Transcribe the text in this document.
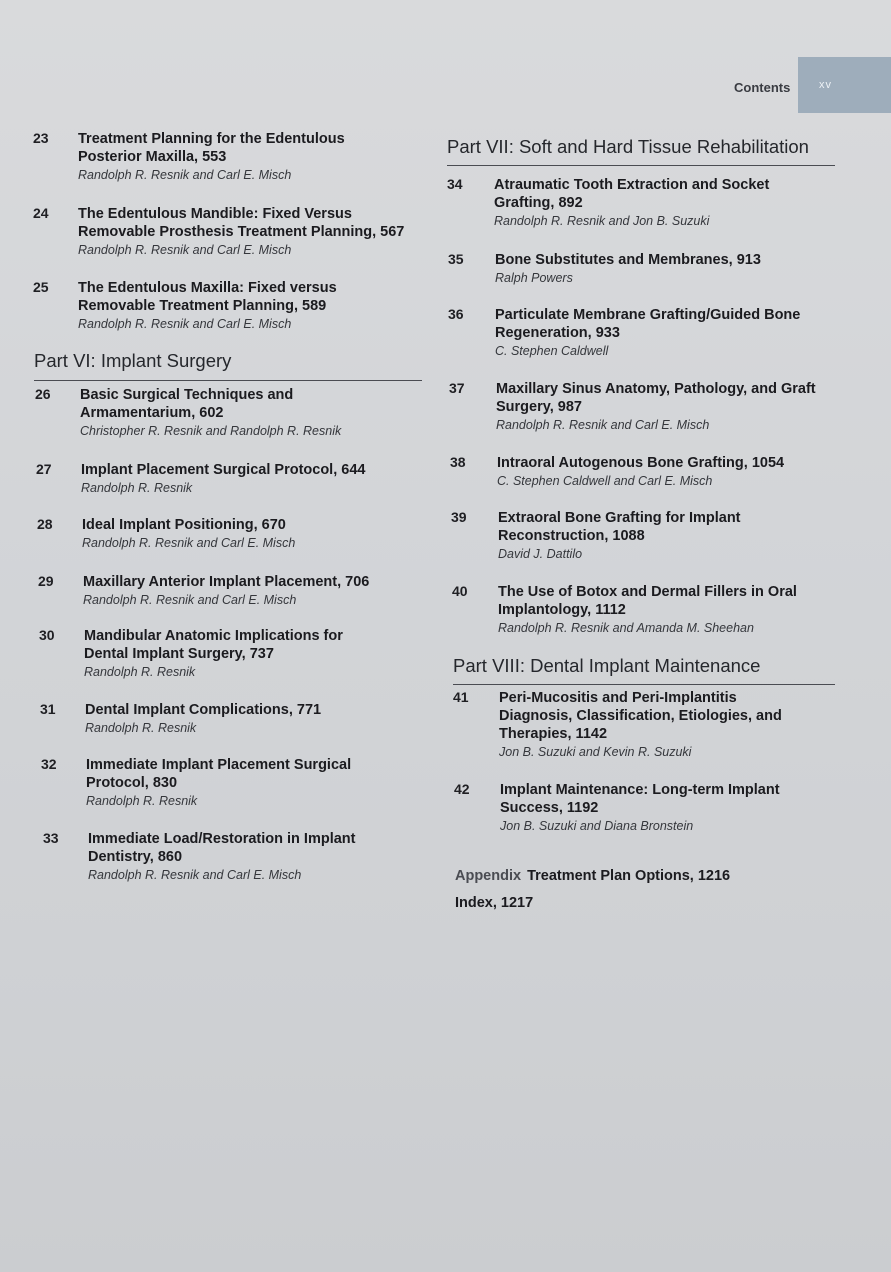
Contents	xv
Part VI: Implant Surgery
Part VII: Soft and Hard Tissue Rehabilitation
Part VIII: Dental Implant Maintenance
23 Treatment Planning for the Edentulous
Posterior Maxilla, 553
Randolph R. Resnik and Carl E. Misch
24 The Edentulous Mandible: Fixed Versus
Removable Prosthesis Treatment Planning, 567
Randolph R. Resnik and Carl E. Misch
25 The Edentulous Maxilla: Fixed versus
Removable Treatment Planning, 589
Randolph R. Resnik and Carl E. Misch
26 Basic Surgical Techniques and
Armamentarium, 602
Christopher R. Resnik and Randolph R. Resnik
27 Implant Placement Surgical Protocol, 644
Randolph R. Resnik
28 Ideal Implant Positioning, 670
Randolph R. Resnik and Carl E. Misch
29 Maxillary Anterior Implant Placement, 706
Randolph R. Resnik and Carl E. Misch
30 Mandibular Anatomic Implications for
Dental Implant Surgery, 737
Randolph R. Resnik
31 Dental Implant Complications, 771
Randolph R. Resnik
32 Immediate Implant Placement Surgical
Protocol, 830
Randolph R. Resnik
33 Immediate Load/Restoration in Implant
Dentistry, 860
Randolph R. Resnik and Carl E. Misch
34 Atraumatic Tooth Extraction and Socket
Grafting, 892
Randolph R. Resnik and Jon B. Suzuki
35 Bone Substitutes and Membranes, 913
Ralph Powers
36 Particulate Membrane Grafting/Guided Bone
Regeneration, 933
C. Stephen Caldwell
37 Maxillary Sinus Anatomy, Pathology, and Graft
Surgery, 987
Randolph R. Resnik and Carl E. Misch
38 Intraoral Autogenous Bone Grafting, 1054
C. Stephen Caldwell and Carl E. Misch
39 Extraoral Bone Grafting for Implant
Reconstruction, 1088
David J. Dattilo
40 The Use of Botox and Dermal Fillers in Oral
Implantology, 1112
Randolph R. Resnik and Amanda M. Sheehan
41 Peri-Mucositis and Peri-Implantitis
Diagnosis, Classification, Etiologies, and
Therapies, 1142
Jon B. Suzuki and Kevin R. Suzuki
42 Implant Maintenance: Long-term Implant
Success, 1192
Jon B. Suzuki and Diana Bronstein
Appendix Treatment Plan Options, 1216
Index, 1217
